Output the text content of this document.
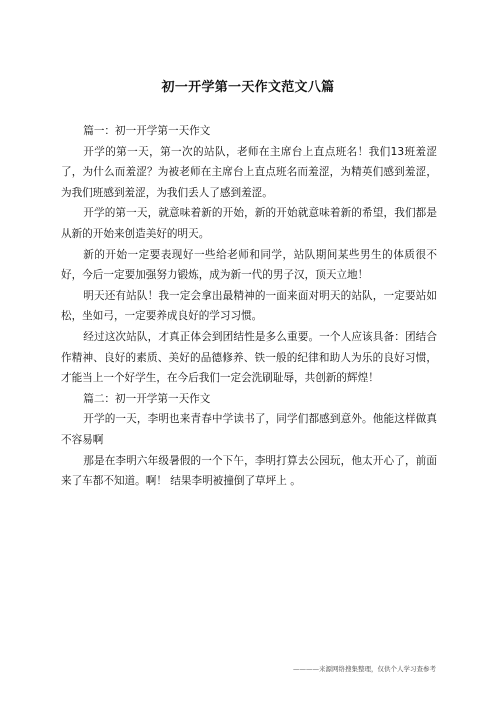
初一开学第一天作文范文八篇

篇一：初一开学第一天作文

开学的第一天，第一次的站队，老师在主席台上直点班名！我们13班羞涩了，为什么而羞涩？为被老师在主席台上直点班名而羞涩，为精英们感到羞涩，为我们班感到羞涩，为我们丢人了感到羞涩。

开学的第一天，就意味着新的开始，新的开始就意味着新的希望，我们都是从新的开始来创造美好的明天。

新的开始一定要表现好一些给老师和同学，站队期间某些男生的体质很不好，今后一定要加强努力锻炼，成为新一代的男子汉，顶天立地！

明天还有站队！我一定会拿出最精神的一面来面对明天的站队，一定要站如松，坐如弓，一定要养成良好的学习习惯。

经过这次站队，才真正体会到团结性是多么重要。一个人应该具备：团结合作精神、良好的素质、美好的品德修养、铁一般的纪律和助人为乐的良好习惯，才能当上一个好学生，在今后我们一定会洗刷耻辱，共创新的辉煌！

篇二：初一开学第一天作文

开学的一天，李明也来青春中学读书了，同学们都感到意外。他能这样做真不容易啊

那是在李明六年级暑假的一个下午，李明打算去公园玩，他太开心了，前面来了车都不知道。啊！ 结果李明被撞倒了草坪上 。

————来源网络搜集整理，仅供个人学习查参考
